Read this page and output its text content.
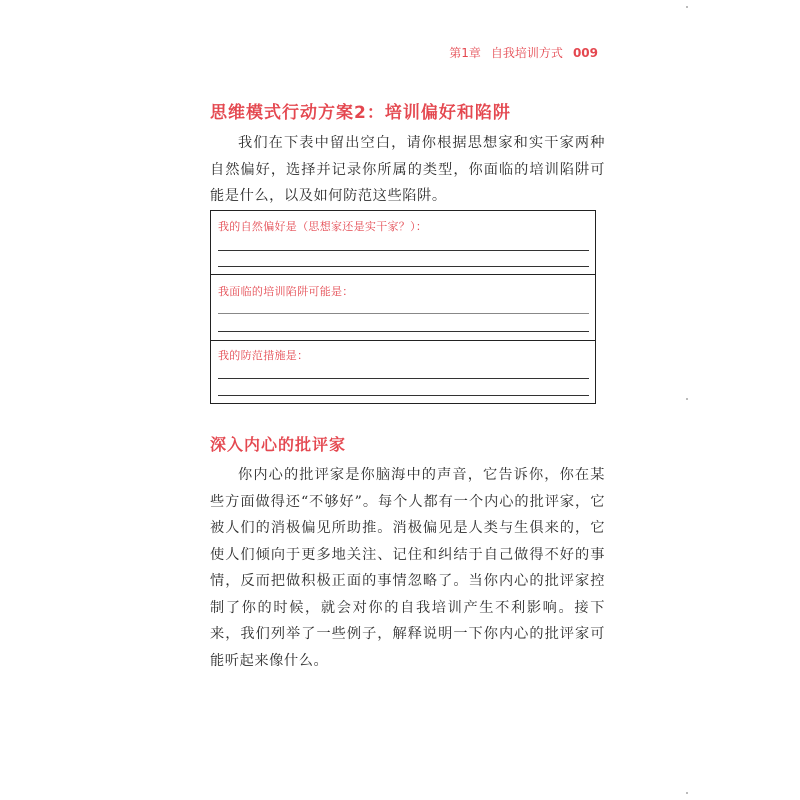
第1章 自我培训方式 009
思维模式行动方案2：培训偏好和陷阱

我们在下表中留出空白，请你根据思想家和实干家两种自然偏好，选择并记录你所属的类型，你面临的培训陷阱可能是什么，以及如何防范这些陷阱。

我的自然偏好是（思想家还是实干家？）：
我面临的培训陷阱可能是：
我的防范措施是：
深入内心的批评家

你内心的批评家是你脑海中的声音，它告诉你，你在某些方面做得还“不够好”。每个人都有一个内心的批评家，它被人们的消极偏见所助推。消极偏见是人类与生俱来的，它使人们倾向于更多地关注、记住和纠结于自己做得不好的事情，反而把做积极正面的事情忽略了。当你内心的批评家控制了你的时候，就会对你的自我培训产生不利影响。接下来，我们列举了一些例子，解释说明一下你内心的批评家可能听起来像什么。
